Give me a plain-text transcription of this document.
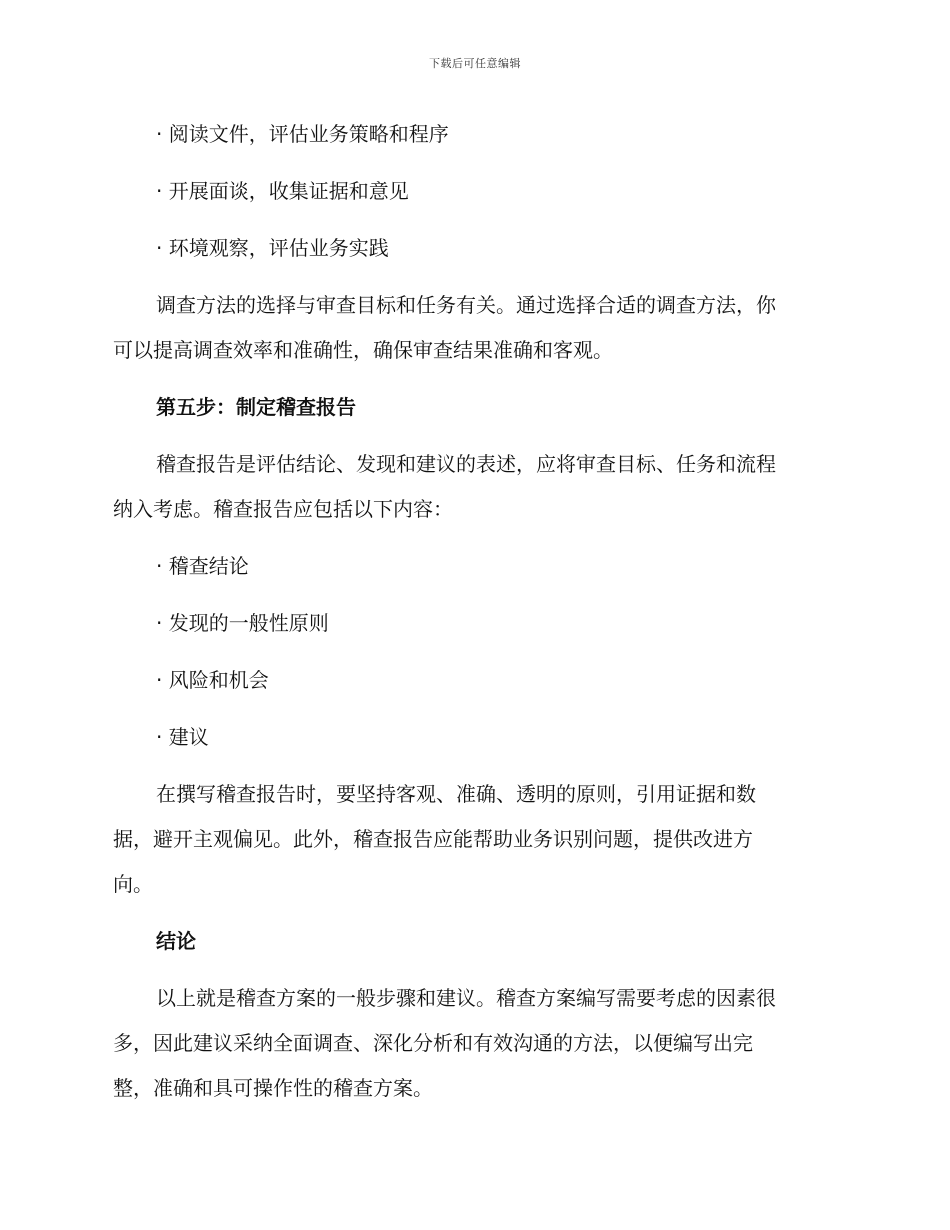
下载后可任意编辑
· 阅读文件，评估业务策略和程序
· 开展面谈，收集证据和意见
· 环境观察，评估业务实践
调查方法的选择与审查目标和任务有关。通过选择合适的调查方法，你
可以提高调查效率和准确性，确保审查结果准确和客观。
第五步：制定稽查报告
稽查报告是评估结论、发现和建议的表述，应将审查目标、任务和流程
纳入考虑。稽查报告应包括以下内容：
· 稽查结论
· 发现的一般性原则
· 风险和机会
· 建议
在撰写稽查报告时，要坚持客观、准确、透明的原则，引用证据和数
据，避开主观偏见。此外，稽查报告应能帮助业务识别问题，提供改进方
向。
结论
以上就是稽查方案的一般步骤和建议。稽查方案编写需要考虑的因素很
多，因此建议采纳全面调查、深化分析和有效沟通的方法，以便编写出完
整，准确和具可操作性的稽查方案。
